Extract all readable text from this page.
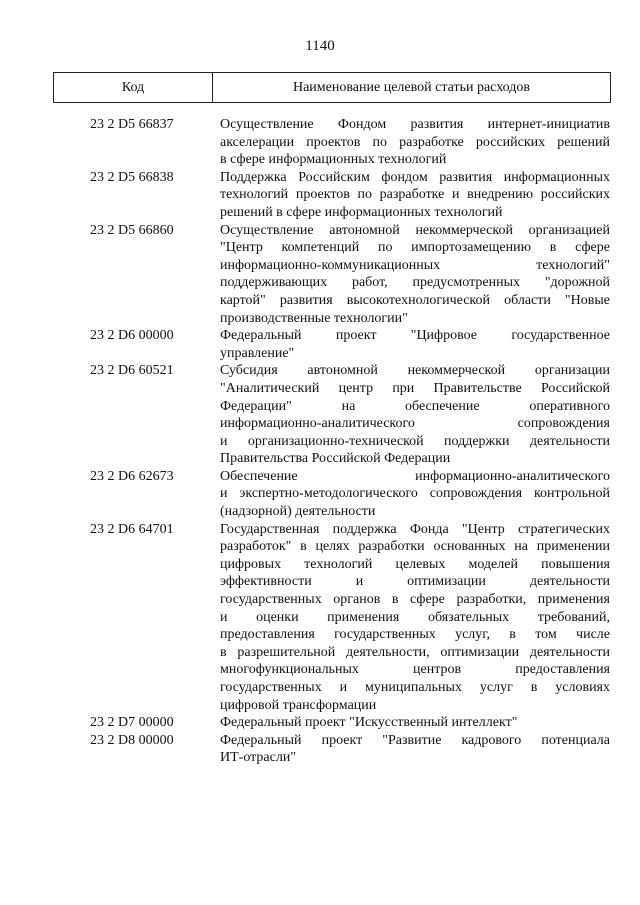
1140
Код	Наименование целевой статьи расходов
23 2 D5 66837	Осуществление Фондом развития интернет-инициатив
акселерации проектов по разработке российских решений
в сфере информационных технологий
23 2 D5 66838	Поддержка Российским фондом развития информационных
технологий проектов по разработке и внедрению российских
решений в сфере информационных технологий
23 2 D5 66860	Осуществление автономной некоммерческой организацией
"Центр компетенций по импортозамещению в сфере
информационно-коммуникационных технологий"
поддерживающих работ, предусмотренных "дорожной
картой" развития высокотехнологической области "Новые
производственные технологии"
23 2 D6 00000	Федеральный проект "Цифровое государственное
управление"
23 2 D6 60521	Субсидия автономной некоммерческой организации
"Аналитический центр при Правительстве Российской
Федерации" на обеспечение оперативного
информационно-аналитического сопровождения
и организационно-технической поддержки деятельности
Правительства Российской Федерации
23 2 D6 62673	Обеспечение информационно-аналитического
и экспертно-методологического сопровождения контрольной
(надзорной) деятельности
23 2 D6 64701	Государственная поддержка Фонда "Центр стратегических
разработок" в целях разработки основанных на применении
цифровых технологий целевых моделей повышения
эффективности и оптимизации деятельности
государственных органов в сфере разработки, применения
и оценки применения обязательных требований,
предоставления государственных услуг, в том числе
в разрешительной деятельности, оптимизации деятельности
многофункциональных центров предоставления
государственных и муниципальных услуг в условиях
цифровой трансформации
23 2 D7 00000	Федеральный проект "Искусственный интеллект"
23 2 D8 00000	Федеральный проект "Развитие кадрового потенциала
ИТ-отрасли"
